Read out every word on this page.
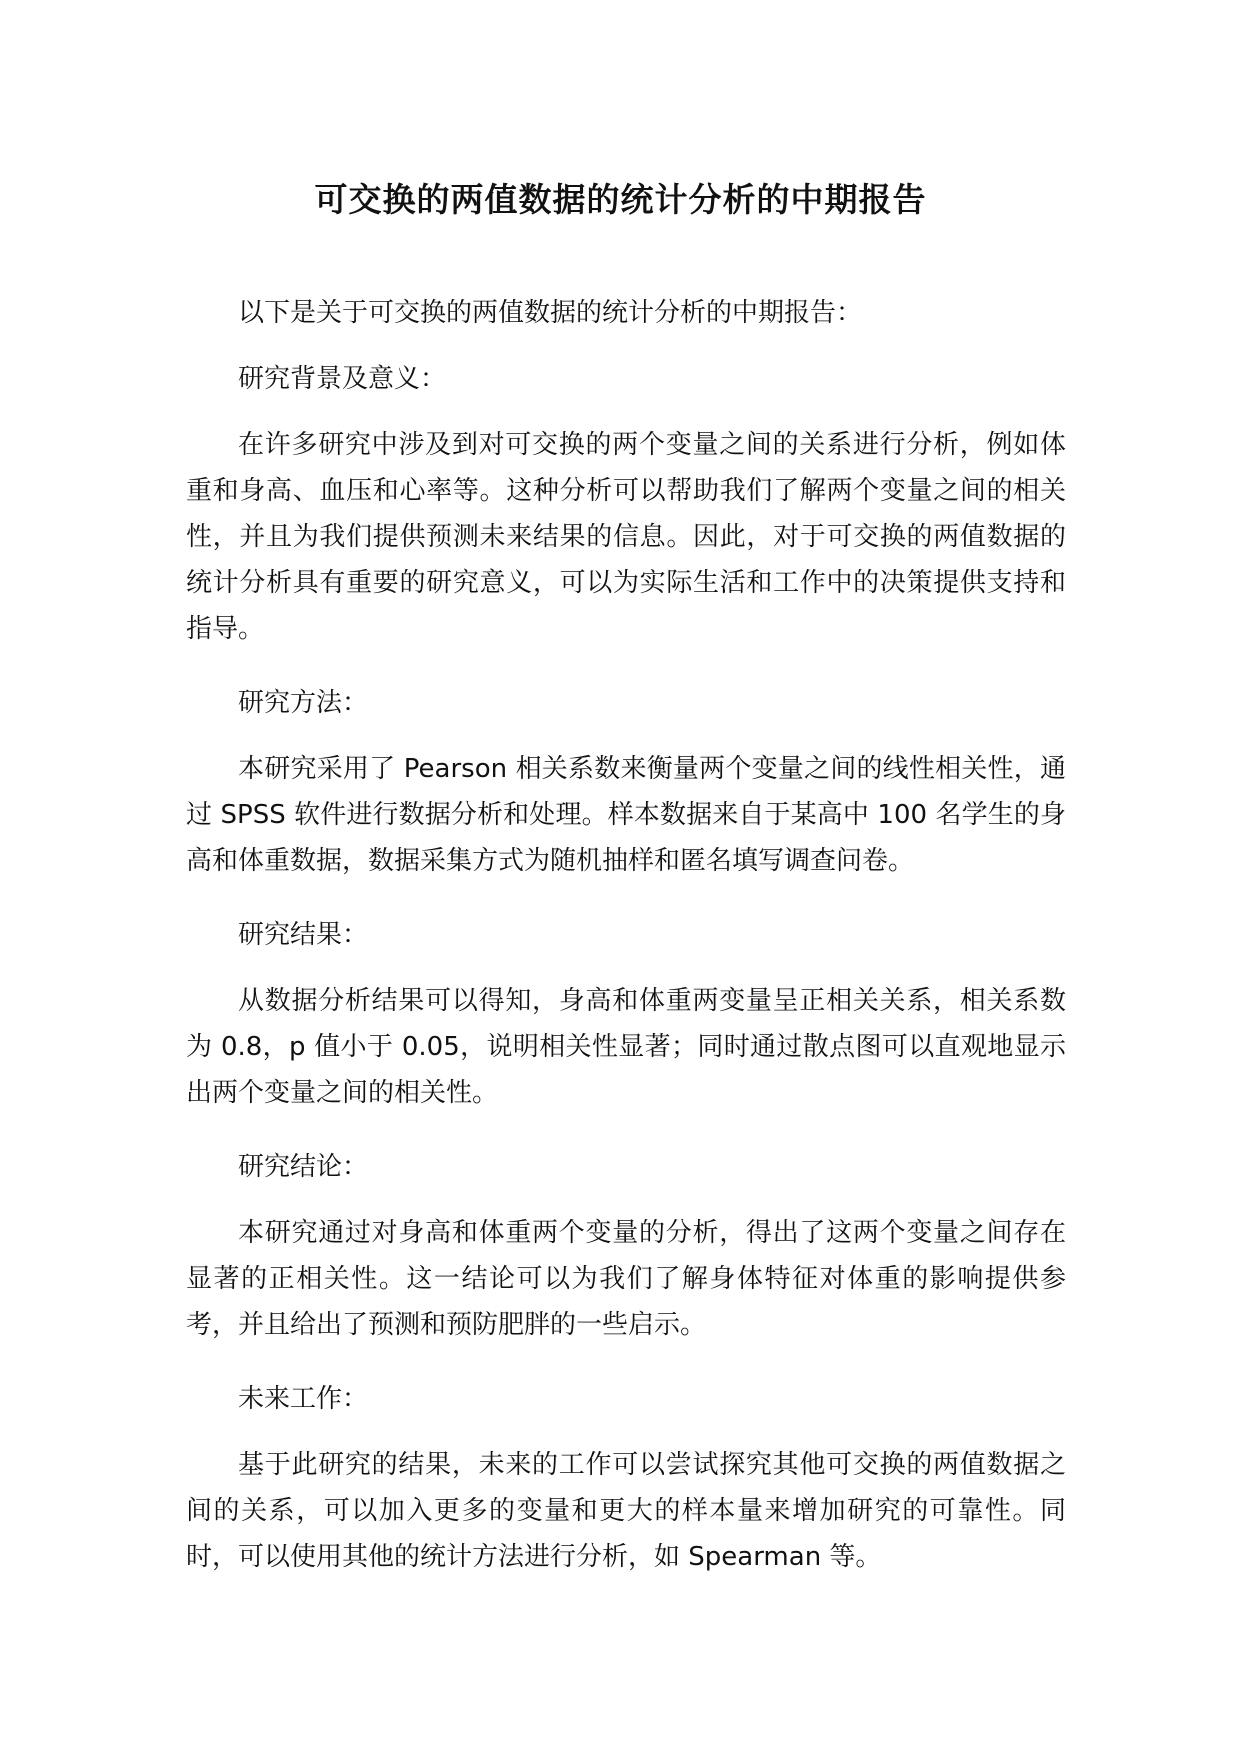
可交换的两值数据的统计分析的中期报告

以下是关于可交换的两值数据的统计分析的中期报告：

研究背景及意义：

在许多研究中涉及到对可交换的两个变量之间的关系进行分析，例如体重和身高、血压和心率等。这种分析可以帮助我们了解两个变量之间的相关性，并且为我们提供预测未来结果的信息。因此，对于可交换的两值数据的统计分析具有重要的研究意义，可以为实际生活和工作中的决策提供支持和指导。

研究方法：

本研究采用了 Pearson 相关系数来衡量两个变量之间的线性相关性，通过 SPSS 软件进行数据分析和处理。样本数据来自于某高中 100 名学生的身高和体重数据，数据采集方式为随机抽样和匿名填写调查问卷。

研究结果：

从数据分析结果可以得知，身高和体重两变量呈正相关关系，相关系数为 0.8，p 值小于 0.05，说明相关性显著；同时通过散点图可以直观地显示出两个变量之间的相关性。

研究结论：

本研究通过对身高和体重两个变量的分析，得出了这两个变量之间存在显著的正相关性。这一结论可以为我们了解身体特征对体重的影响提供参考，并且给出了预测和预防肥胖的一些启示。

未来工作：

基于此研究的结果，未来的工作可以尝试探究其他可交换的两值数据之间的关系，可以加入更多的变量和更大的样本量来增加研究的可靠性。同时，可以使用其他的统计方法进行分析，如 Spearman 等。
